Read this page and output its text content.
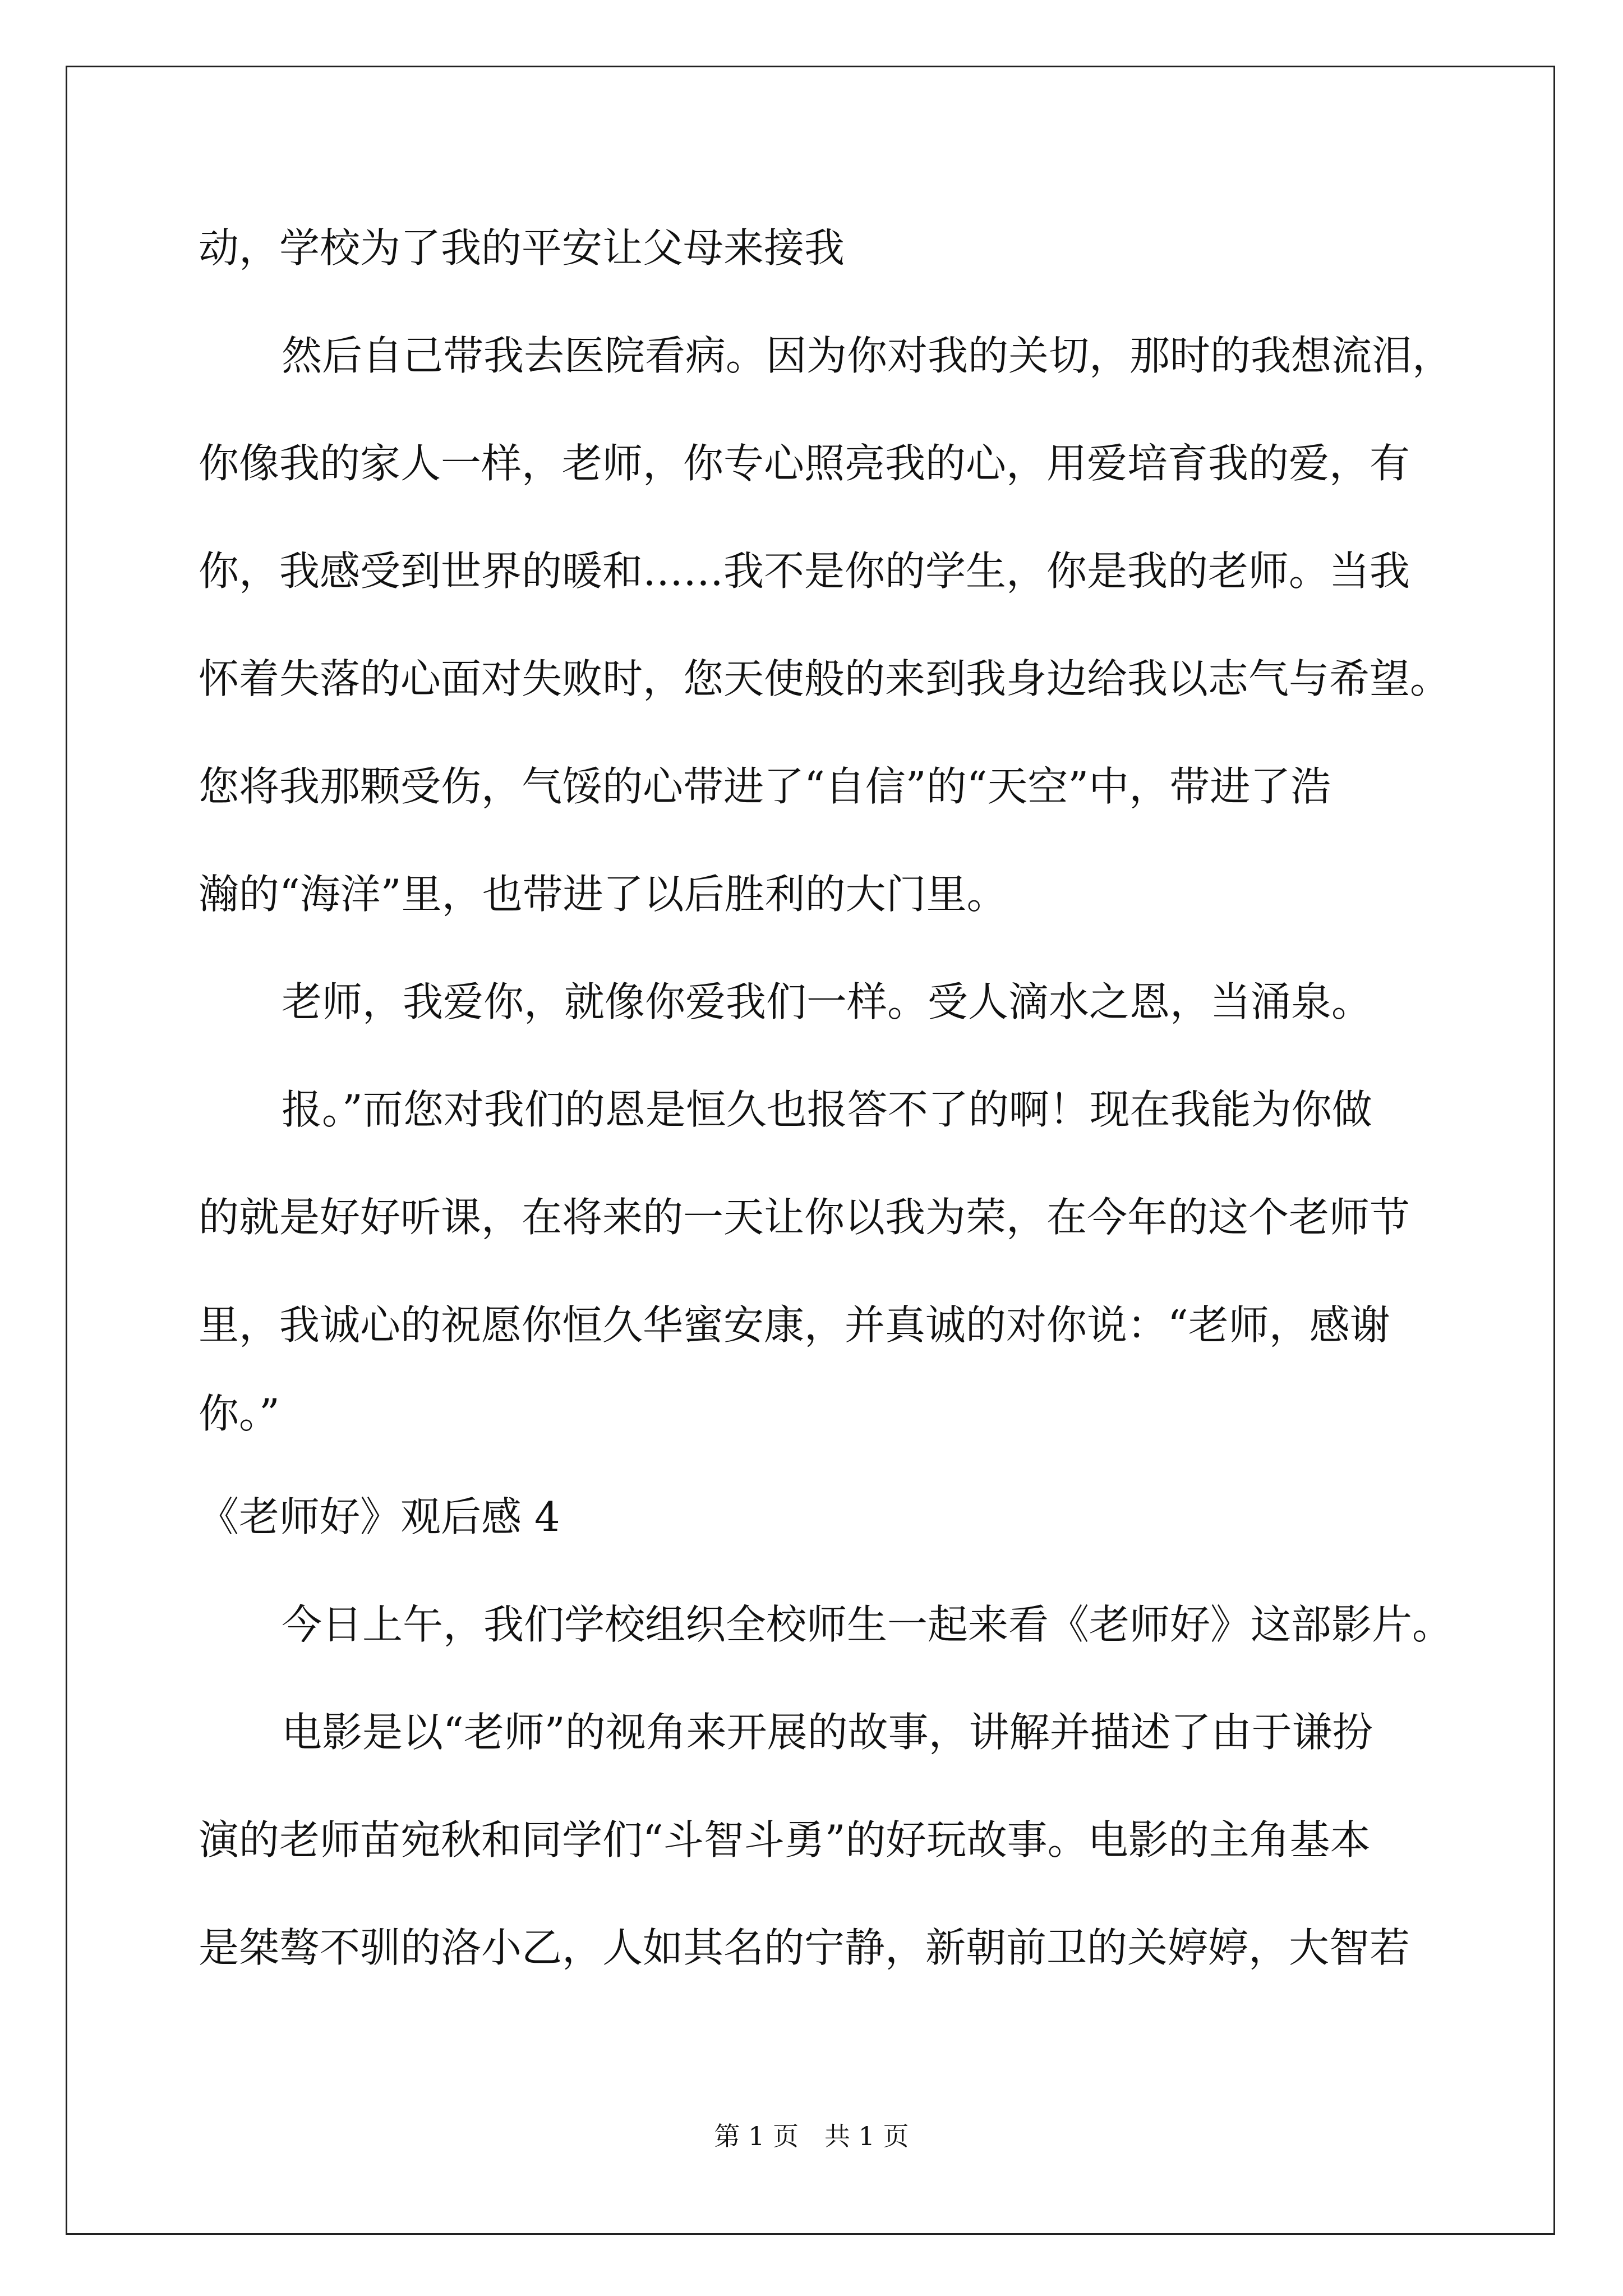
动，学校为了我的平安让父母来接我
然后自己带我去医院看病。因为你对我的关切，那时的我想流泪，
你像我的家人一样，老师，你专心照亮我的心，用爱培育我的爱，有
你，我感受到世界的暖和……我不是你的学生，你是我的老师。当我
怀着失落的心面对失败时，您天使般的来到我身边给我以志气与希望。
您将我那颗受伤，气馁的心带进了“自信”的“天空”中，带进了浩
瀚的“海洋”里，也带进了以后胜利的大门里。
老师，我爱你，就像你爱我们一样。受人滴水之恩，当涌泉。
报。”而您对我们的恩是恒久也报答不了的啊！现在我能为你做
的就是好好听课，在将来的一天让你以我为荣，在今年的这个老师节
里，我诚心的祝愿你恒久华蜜安康，并真诚的对你说：“老师，感谢
你。”
《老师好》观后感 4
今日上午，我们学校组织全校师生一起来看《老师好》这部影片。
电影是以“老师”的视角来开展的故事，讲解并描述了由于谦扮
演的老师苗宛秋和同学们“斗智斗勇”的好玩故事。电影的主角基本
是桀骜不驯的洛小乙，人如其名的宁静，新朝前卫的关婷婷，大智若
第 1 页 共 1 页
